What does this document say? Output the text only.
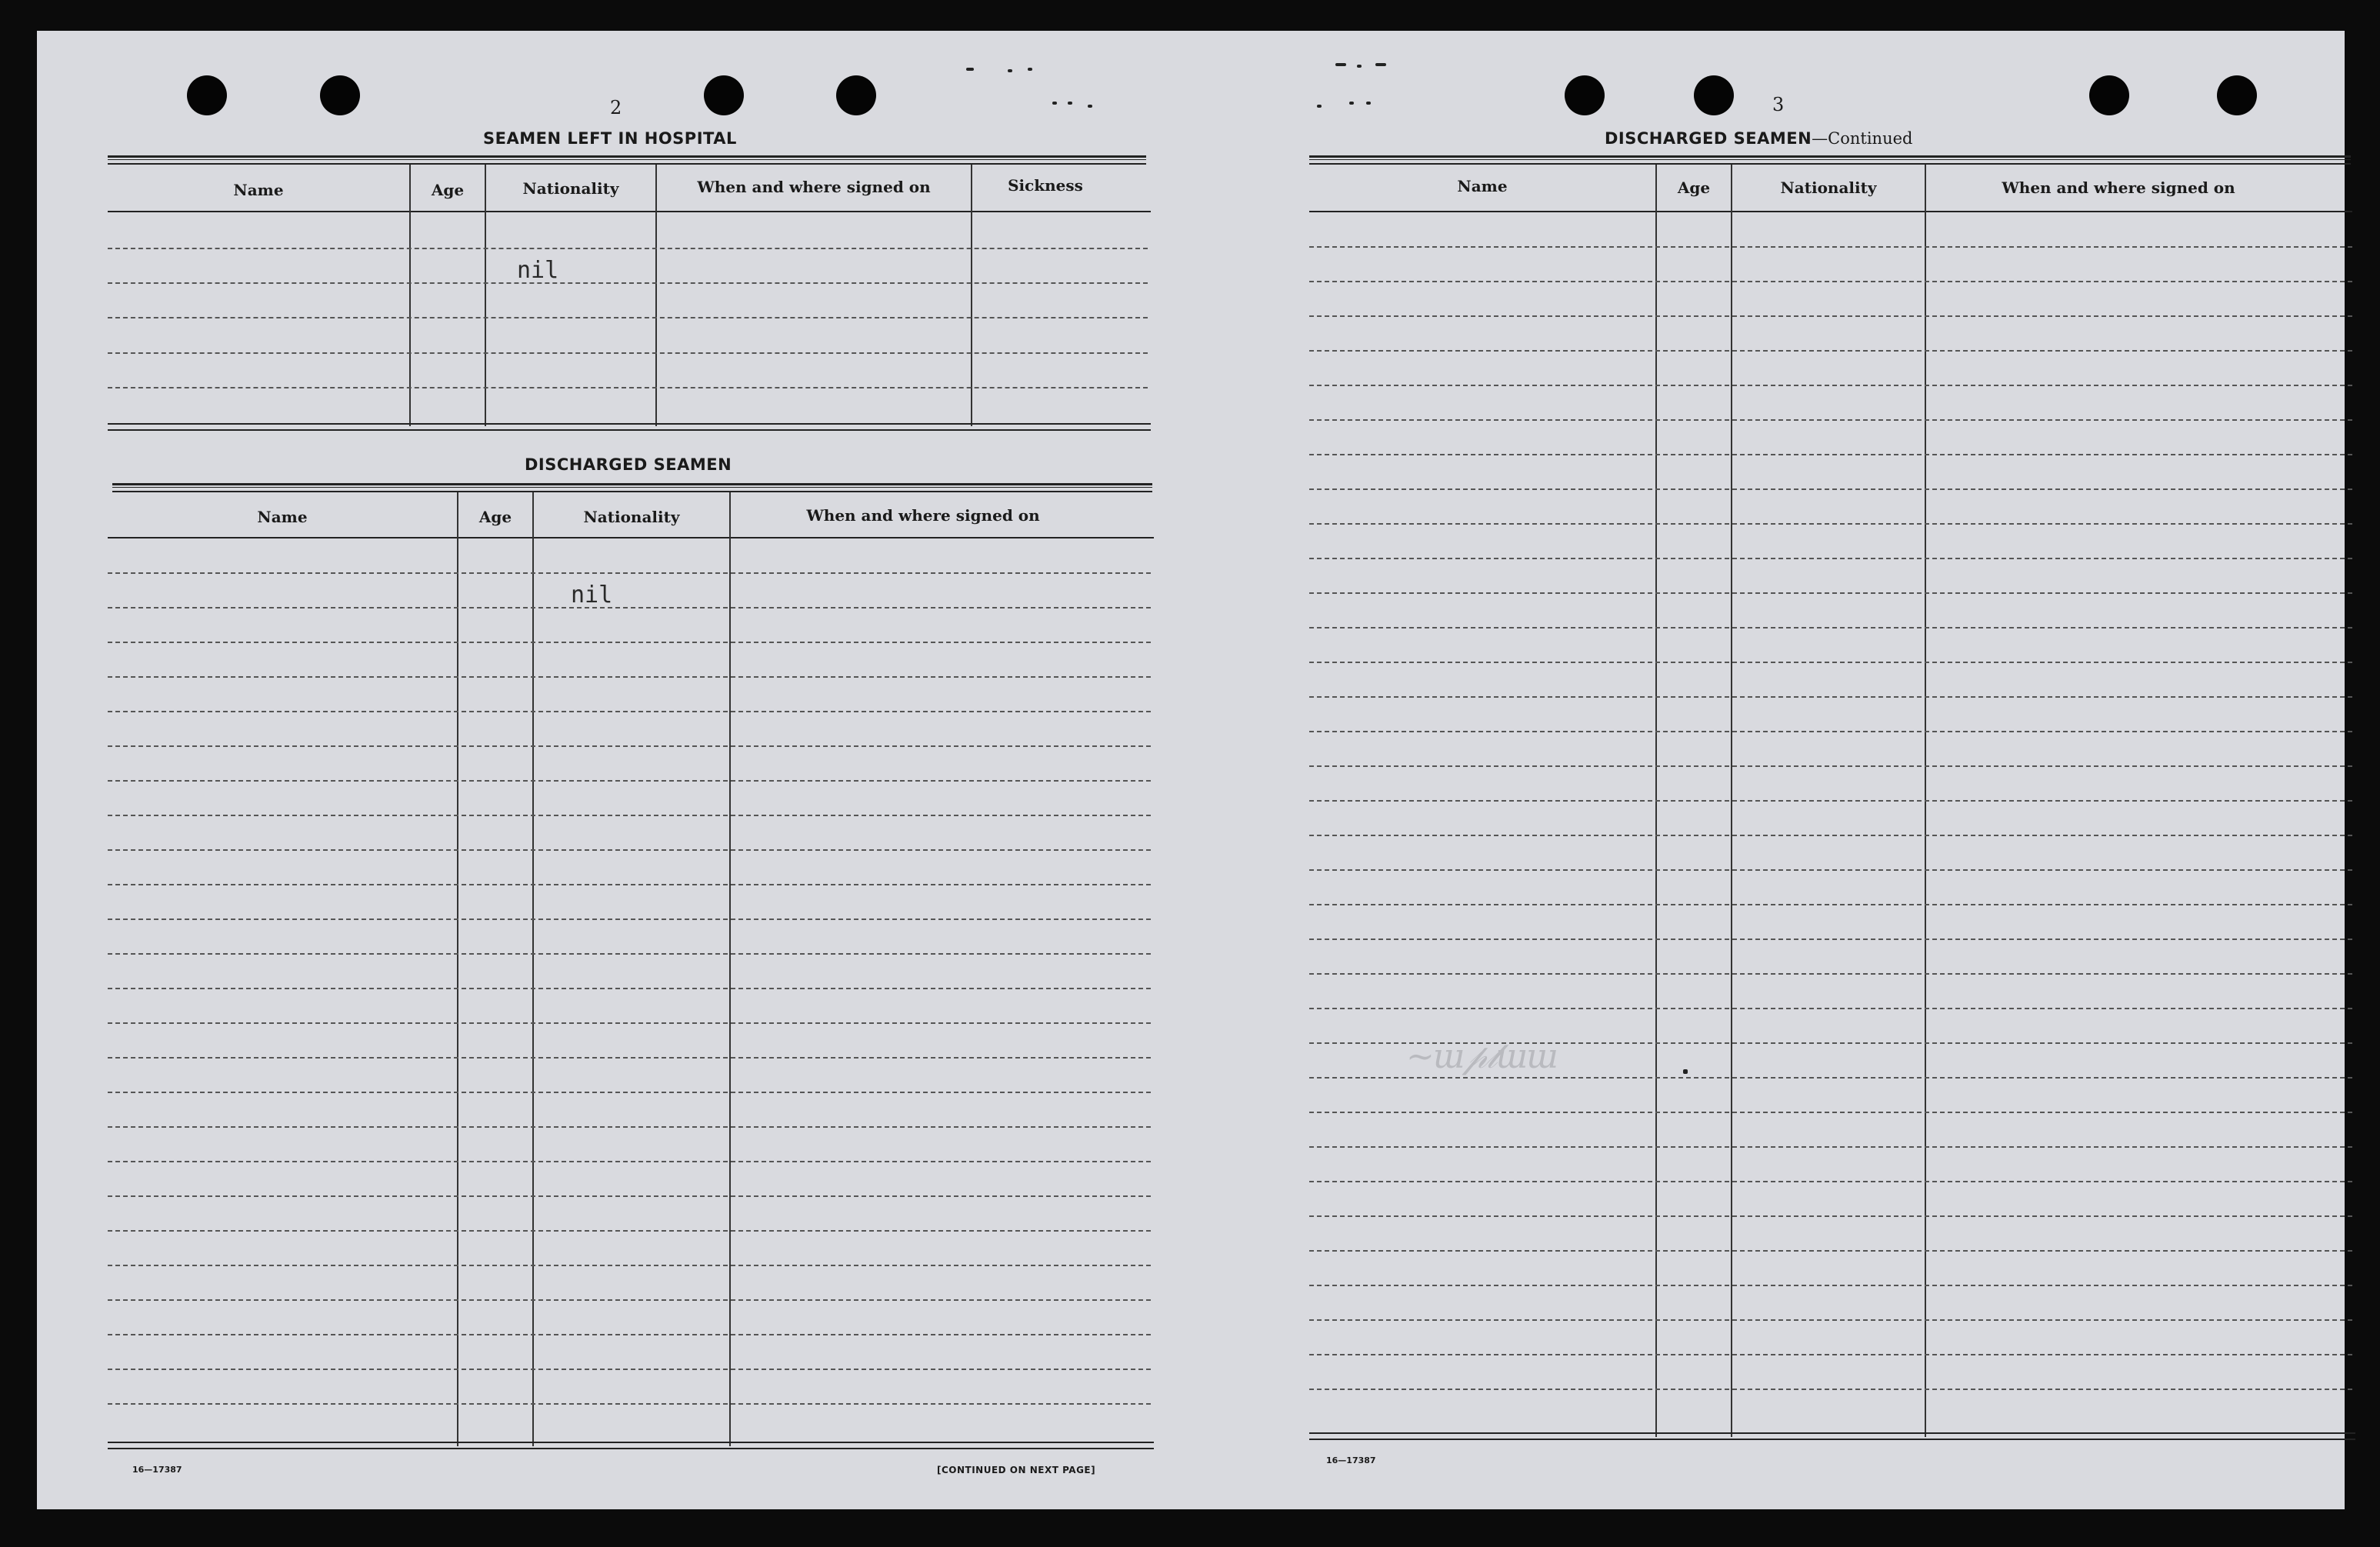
2
SEAMEN LEFT IN HOSPITAL
Name	Age	Nationality	When and where signed on	Sickness
nil
DISCHARGED SEAMEN
Name	Age	Nationality	When and where signed on
nil
16—17387	[CONTINUED ON NEXT PAGE]
3
DISCHARGED SEAMEN—Continued
Name	Age	Nationality	When and where signed on
~ɯ𝓅𝓁ɯɯ
16—17387
